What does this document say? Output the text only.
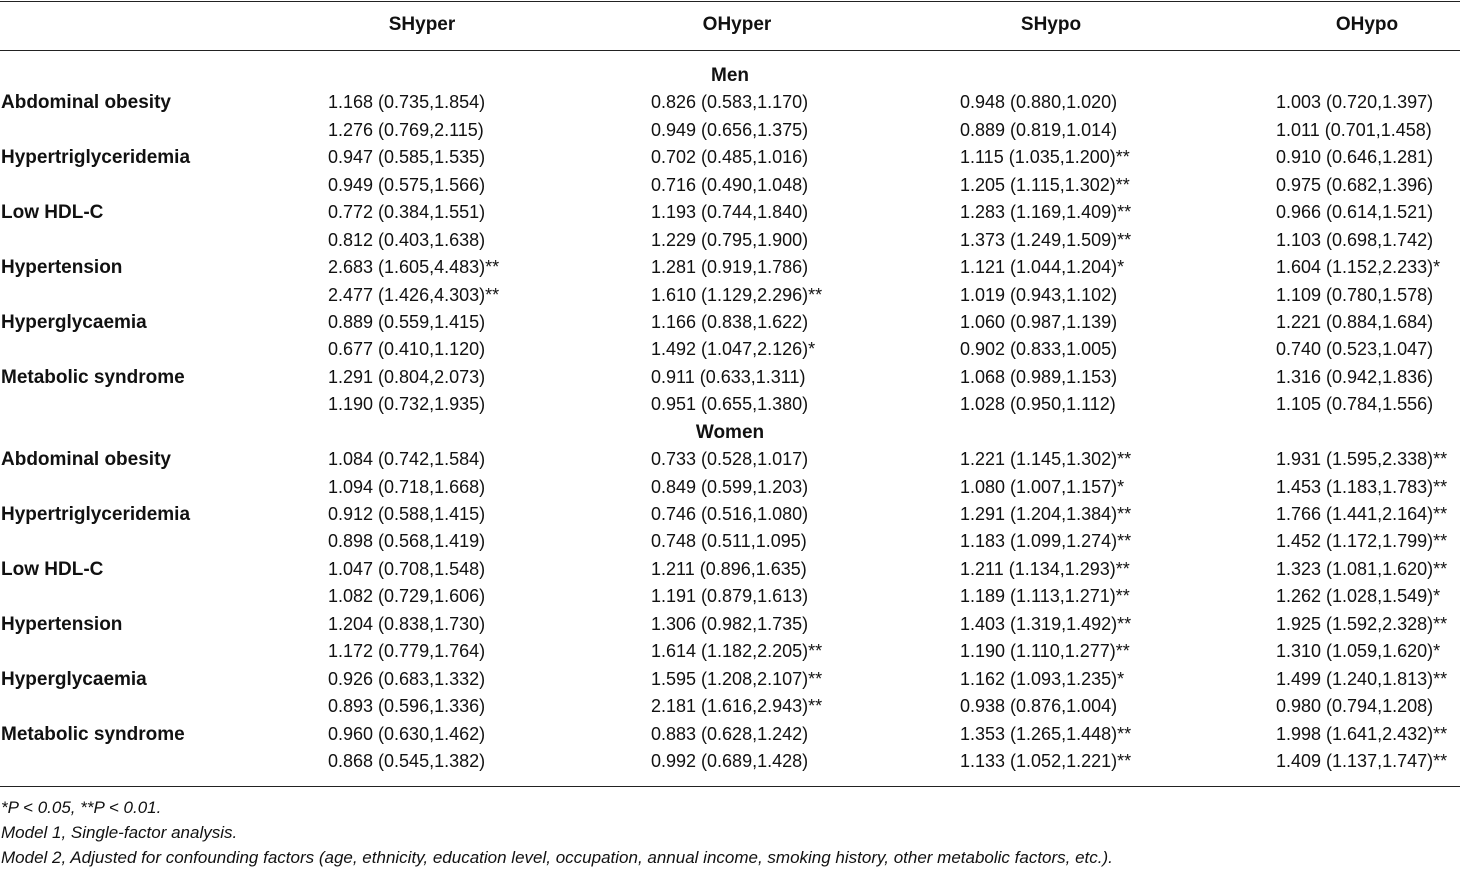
SHyper	OHyper	SHypo	OHypo
Men
Abdominal obesity	1.168 (0.735,1.854)	0.826 (0.583,1.170)	0.948 (0.880,1.020)	1.003 (0.720,1.397)
1.276 (0.769,2.115)	0.949 (0.656,1.375)	0.889 (0.819,1.014)	1.011 (0.701,1.458)
Hypertriglyceridemia	0.947 (0.585,1.535)	0.702 (0.485,1.016)	1.115 (1.035,1.200)**	0.910 (0.646,1.281)
0.949 (0.575,1.566)	0.716 (0.490,1.048)	1.205 (1.115,1.302)**	0.975 (0.682,1.396)
Low HDL-C	0.772 (0.384,1.551)	1.193 (0.744,1.840)	1.283 (1.169,1.409)**	0.966 (0.614,1.521)
0.812 (0.403,1.638)	1.229 (0.795,1.900)	1.373 (1.249,1.509)**	1.103 (0.698,1.742)
Hypertension	2.683 (1.605,4.483)**	1.281 (0.919,1.786)	1.121 (1.044,1.204)*	1.604 (1.152,2.233)*
2.477 (1.426,4.303)**	1.610 (1.129,2.296)**	1.019 (0.943,1.102)	1.109 (0.780,1.578)
Hyperglycaemia	0.889 (0.559,1.415)	1.166 (0.838,1.622)	1.060 (0.987,1.139)	1.221 (0.884,1.684)
0.677 (0.410,1.120)	1.492 (1.047,2.126)*	0.902 (0.833,1.005)	0.740 (0.523,1.047)
Metabolic syndrome	1.291 (0.804,2.073)	0.911 (0.633,1.311)	1.068 (0.989,1.153)	1.316 (0.942,1.836)
1.190 (0.732,1.935)	0.951 (0.655,1.380)	1.028 (0.950,1.112)	1.105 (0.784,1.556)
Women
Abdominal obesity	1.084 (0.742,1.584)	0.733 (0.528,1.017)	1.221 (1.145,1.302)**	1.931 (1.595,2.338)**
1.094 (0.718,1.668)	0.849 (0.599,1.203)	1.080 (1.007,1.157)*	1.453 (1.183,1.783)**
Hypertriglyceridemia	0.912 (0.588,1.415)	0.746 (0.516,1.080)	1.291 (1.204,1.384)**	1.766 (1.441,2.164)**
0.898 (0.568,1.419)	0.748 (0.511,1.095)	1.183 (1.099,1.274)**	1.452 (1.172,1.799)**
Low HDL-C	1.047 (0.708,1.548)	1.211 (0.896,1.635)	1.211 (1.134,1.293)**	1.323 (1.081,1.620)**
1.082 (0.729,1.606)	1.191 (0.879,1.613)	1.189 (1.113,1.271)**	1.262 (1.028,1.549)*
Hypertension	1.204 (0.838,1.730)	1.306 (0.982,1.735)	1.403 (1.319,1.492)**	1.925 (1.592,2.328)**
1.172 (0.779,1.764)	1.614 (1.182,2.205)**	1.190 (1.110,1.277)**	1.310 (1.059,1.620)*
Hyperglycaemia	0.926 (0.683,1.332)	1.595 (1.208,2.107)**	1.162 (1.093,1.235)*	1.499 (1.240,1.813)**
0.893 (0.596,1.336)	2.181 (1.616,2.943)**	0.938 (0.876,1.004)	0.980 (0.794,1.208)
Metabolic syndrome	0.960 (0.630,1.462)	0.883 (0.628,1.242)	1.353 (1.265,1.448)**	1.998 (1.641,2.432)**
0.868 (0.545,1.382)	0.992 (0.689,1.428)	1.133 (1.052,1.221)**	1.409 (1.137,1.747)**
*P < 0.05, **P < 0.01.
Model 1, Single-factor analysis.
Model 2, Adjusted for confounding factors (age, ethnicity, education level, occupation, annual income, smoking history, other metabolic factors, etc.).
